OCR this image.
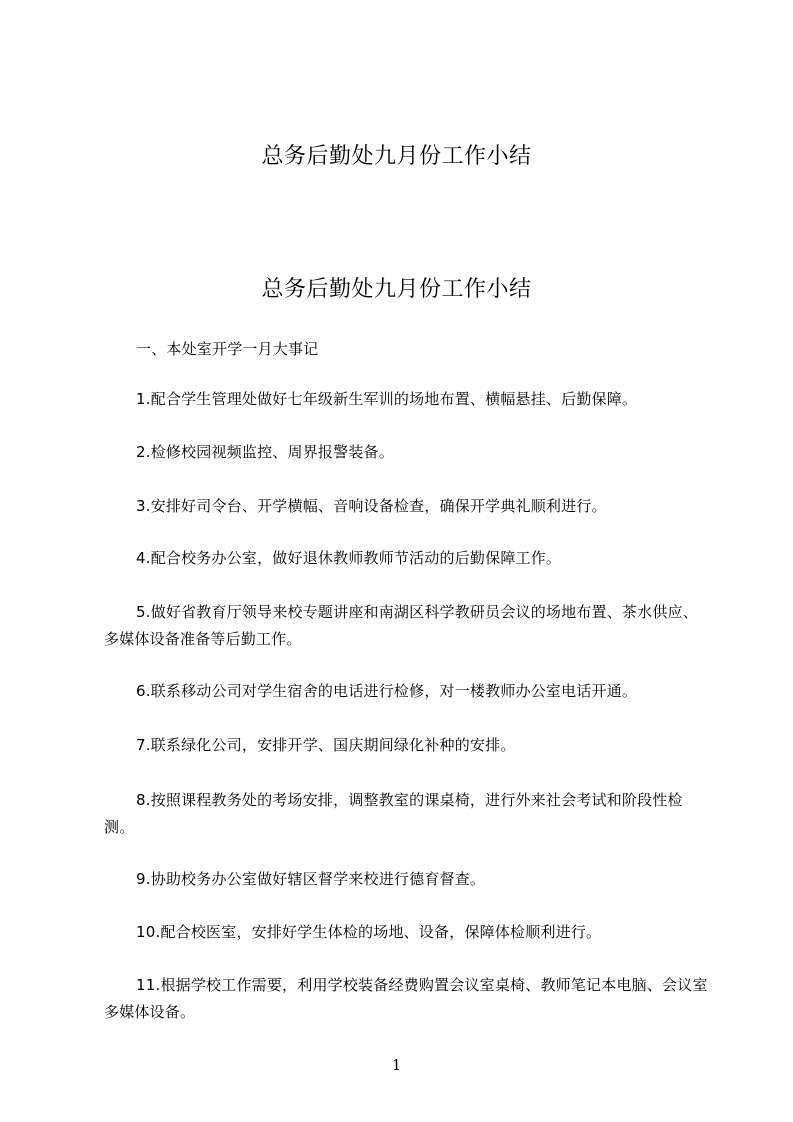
总务后勤处九月份工作小结
总务后勤处九月份工作小结
一、本处室开学一月大事记
1.配合学生管理处做好七年级新生军训的场地布置、横幅悬挂、后勤保障。
2.检修校园视频监控、周界报警装备。
3.安排好司令台、开学横幅、音响设备检查，确保开学典礼顺利进行。
4.配合校务办公室，做好退休教师教师节活动的后勤保障工作。
5.做好省教育厅领导来校专题讲座和南湖区科学教研员会议的场地布置、茶水供应、多媒体设备准备等后勤工作。
6.联系移动公司对学生宿舍的电话进行检修，对一楼教师办公室电话开通。
7.联系绿化公司，安排开学、国庆期间绿化补种的安排。
8.按照课程教务处的考场安排，调整教室的课桌椅，进行外来社会考试和阶段性检测。
9.协助校务办公室做好辖区督学来校进行德育督查。
10.配合校医室，安排好学生体检的场地、设备，保障体检顺利进行。
11.根据学校工作需要，利用学校装备经费购置会议室桌椅、教师笔记本电脑、会议室多媒体设备。
1
